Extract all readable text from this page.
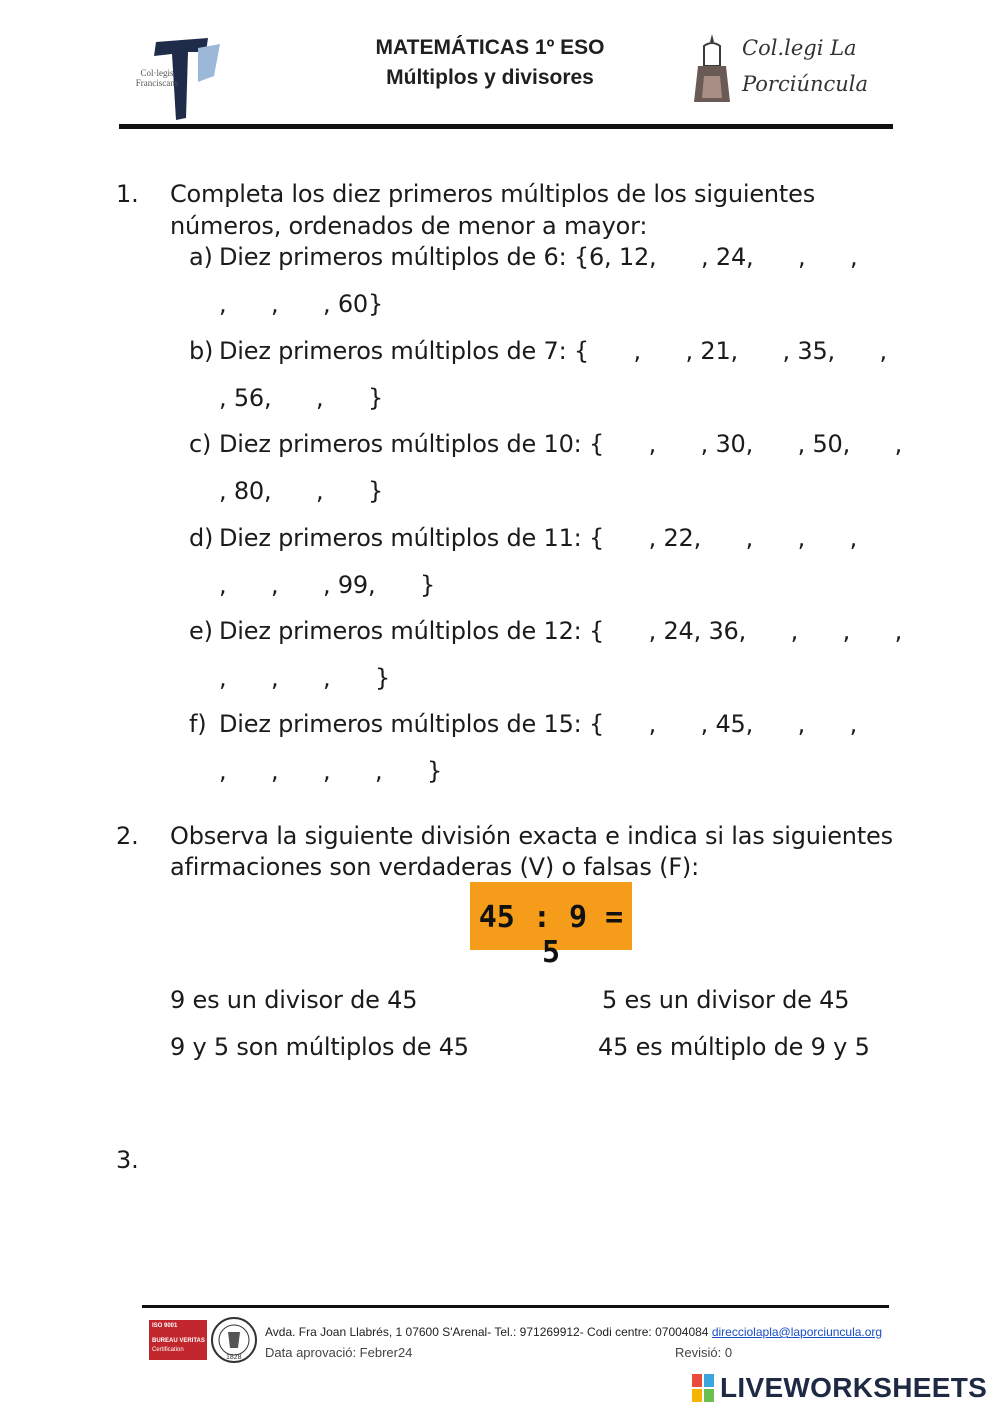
Col·legis Franciscans	TOR
MATEMÁTICAS 1º ESO
Múltiplos y divisores
Col.legi La
Porciúncula
1. Completa los diez primeros múltiplos de los siguientes
números, ordenados de menor a mayor:
a) Diez primeros múltiplos de 6: {6, 12,      , 24,      ,      ,
,      ,      , 60}
b) Diez primeros múltiplos de 7: {      ,      , 21,      , 35,      ,
, 56,      ,      }
c) Diez primeros múltiplos de 10: {      ,      , 30,      , 50,      ,
, 80,      ,      }
d) Diez primeros múltiplos de 11: {      , 22,      ,      ,      ,
,      ,      , 99,      }
e) Diez primeros múltiplos de 12: {      , 24, 36,      ,      ,      ,
,      ,      ,      }
f) Diez primeros múltiplos de 15: {      ,      , 45,      ,      ,
,      ,      ,      ,      }
2. Observa la siguiente división exacta e indica si las siguientes
afirmaciones son verdaderas (V) o falsas (F):
45 : 9 = 5
9 es un divisor de 45	5 es un divisor de 45
9 y 5 son múltiplos de 45	45 es múltiplo de 9 y 5
3.
ISO 9001
BUREAU VERITAS
Certification
1828
Avda. Fra Joan Llabrés, 1 07600 S'Arenal- Tel.: 971269912- Codi centre: 07004084 direcciolapla@laporciuncula.org
Data aprovació: Febrer24	Revisió: 0
LIVEWORKSHEETS
